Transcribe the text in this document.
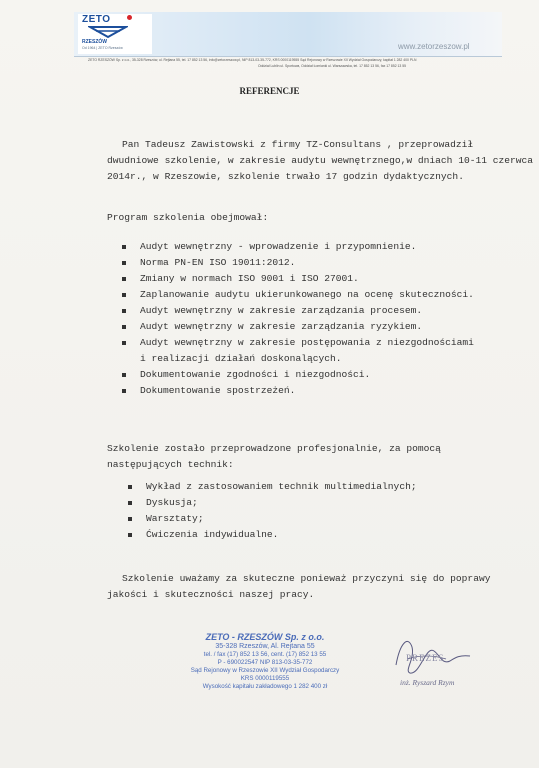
ZETO
RZESZÓW
Od 1964 | ZETO Rzeszów	www.zetorzeszow.pl
ZETO RZESZÓW Sp. z o.o., 35-328 Rzeszów, ul. Rejtana 55, tel. 17 852 13 56, info@zetorzeszow.pl, NIP 813-03-35-772, KRS 0000119555 Sąd Rejonowy w Rzeszowie XII Wydział Gospodarczy, kapitał 1 282 400 PLN
Oddział Lublin ul. Sportowa, Oddział Łomianki ul. Warszawska, tel. 17 852 13 56, fax 17 852 13 55
REFERENCJE
Pan Tadeusz Zawistowski z firmy TZ-Consultans , przeprowadził
dwudniowe szkolenie, w zakresie audytu wewnętrznego,w dniach 10-11 czerwca
2014r., w Rzeszowie, szkolenie trwało 17 godzin dydaktycznych.
Program szkolenia obejmował:
Audyt wewnętrzny - wprowadzenie i przypomnienie.
Norma PN-EN ISO 19011:2012.
Zmiany w normach ISO 9001 i ISO 27001.
Zaplanowanie audytu ukierunkowanego na ocenę skuteczności.
Audyt wewnętrzny w zakresie zarządzania procesem.
Audyt wewnętrzny w zakresie zarządzania ryzykiem.
Audyt wewnętrzny w zakresie postępowania z niezgodnościami
i realizacji działań doskonalących.
Dokumentowanie zgodności i niezgodności.
Dokumentowanie spostrzeżeń.
Szkolenie zostało przeprowadzone profesjonalnie, za pomocą
następujących technik:
Wykład z zastosowaniem technik multimedialnych;
Dyskusja;
Warsztaty;
Ćwiczenia indywidualne.
Szkolenie uważamy za skuteczne ponieważ przyczyni się do poprawy
jakości i skuteczności naszej pracy.
ZETO - RZESZÓW Sp. z o.o.
35-328 Rzeszów, Al. Rejtana 55
tel. / fax (17) 852 13 56, cent. (17) 852 13 55
P - 690022547 NIP 813-03-35-772
Sąd Rejonowy w Rzeszowie XII Wydział Gospodarczy
KRS 0000119555
Wysokość kapitału zakładowego 1 282 400 zł
PREZES
inż. Ryszard Rzym
